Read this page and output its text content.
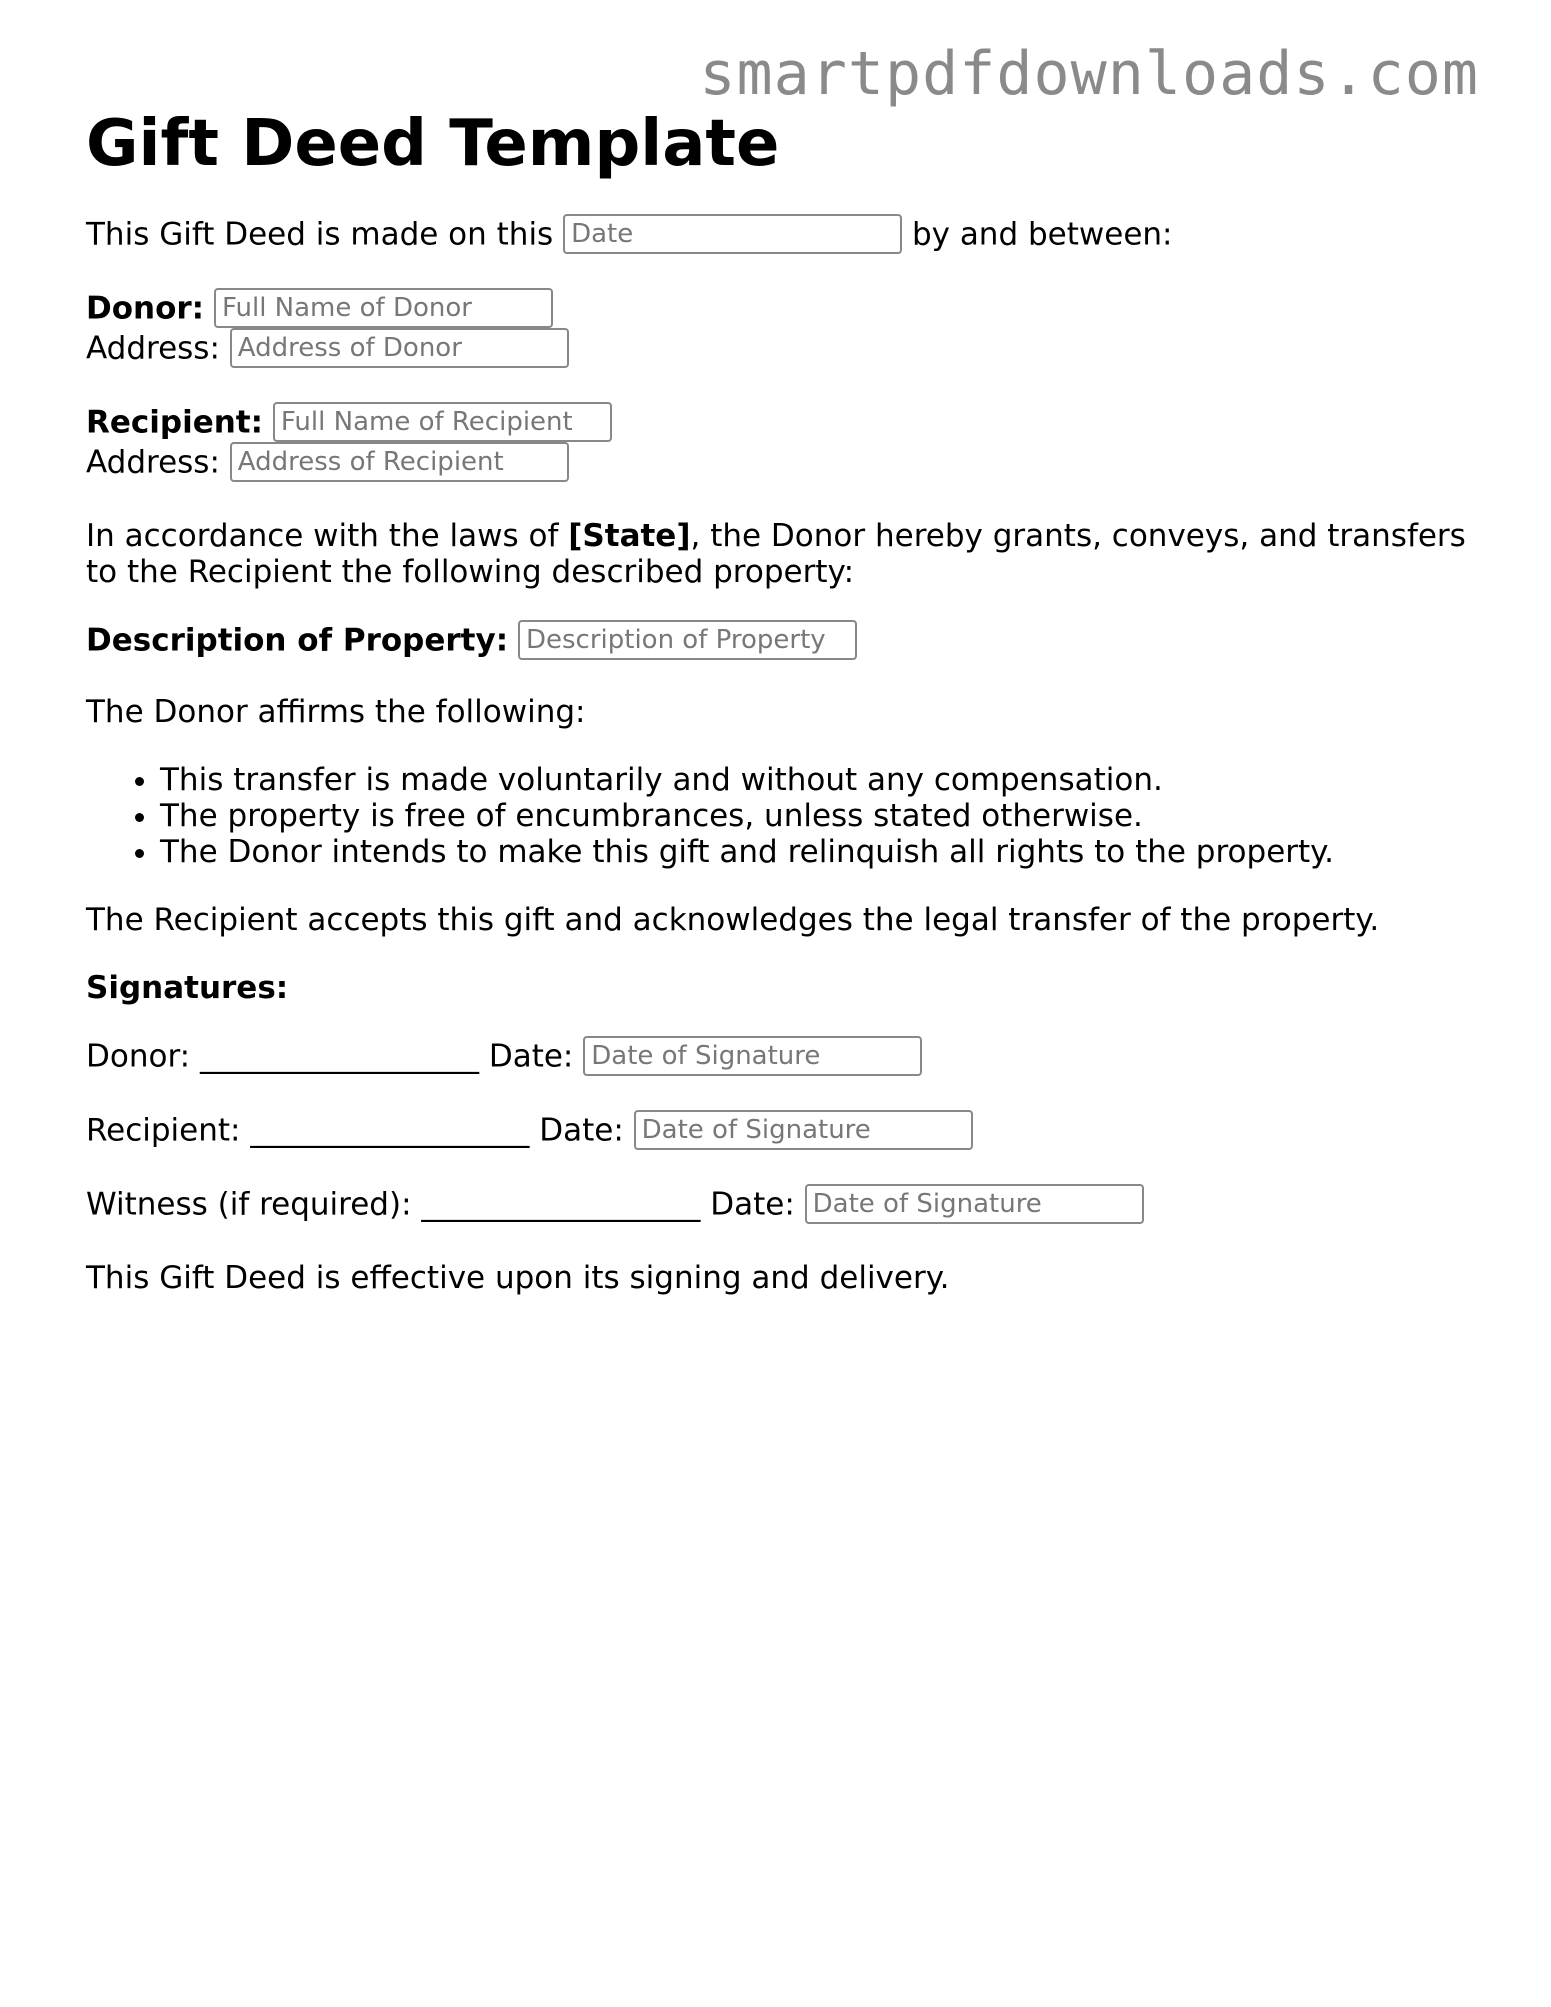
smartpdfdownloads.com
Gift Deed Template

This Gift Deed is made on this Date	by and between:

Donor: Full Name of Donor

Address: Address of Donor

Recipient: Full Name of Recipient

Address: Address of Recipient

In accordance with the laws of [State], the Donor hereby grants, conveys, and transfers to the Recipient the following described property:

Description of Property: Description of Property

The Donor affirms the following:

• This transfer is made voluntarily and without any compensation.
• The property is free of encumbrances, unless stated otherwise.
• The Donor intends to make this gift and relinquish all rights to the property.

The Recipient accepts this gift and acknowledges the legal transfer of the property.

Signatures:

Donor: __________________ Date: Date of Signature

Recipient: __________________ Date: Date of Signature

Witness (if required): __________________ Date: Date of Signature

This Gift Deed is effective upon its signing and delivery.
